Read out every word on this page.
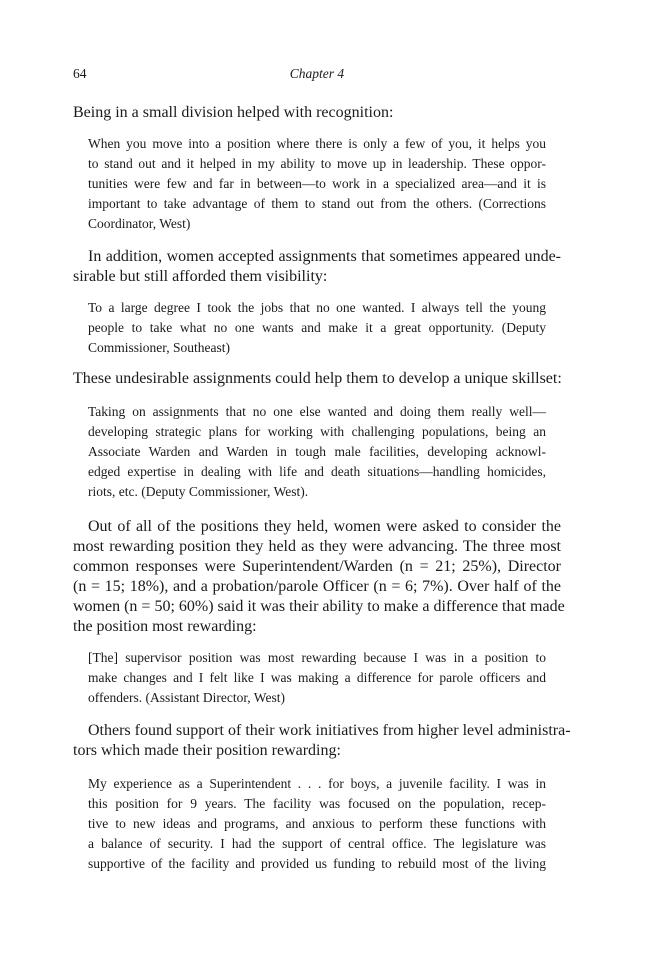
64	Chapter 4
Being in a small division helped with recognition:
When you move into a position where there is only a few of you, it helps you
to stand out and it helped in my ability to move up in leadership. These oppor-
tunities were few and far in between—to work in a specialized area—and it is
important to take advantage of them to stand out from the others. (Corrections
Coordinator, West)
In addition, women accepted assignments that sometimes appeared unde-
sirable but still afforded them visibility:
To a large degree I took the jobs that no one wanted. I always tell the young
people to take what no one wants and make it a great opportunity. (Deputy
Commissioner, Southeast)
These undesirable assignments could help them to develop a unique skillset:
Taking on assignments that no one else wanted and doing them really well—
developing strategic plans for working with challenging populations, being an
Associate Warden and Warden in tough male facilities, developing acknowl-
edged expertise in dealing with life and death situations—handling homicides,
riots, etc. (Deputy Commissioner, West).
Out of all of the positions they held, women were asked to consider the
most rewarding position they held as they were advancing. The three most
common responses were Superintendent/Warden (n = 21; 25%), Director
(n = 15; 18%), and a probation/parole Officer (n = 6; 7%). Over half of the
women (n = 50; 60%) said it was their ability to make a difference that made
the position most rewarding:
[The] supervisor position was most rewarding because I was in a position to
make changes and I felt like I was making a difference for parole officers and
offenders. (Assistant Director, West)
Others found support of their work initiatives from higher level administra-
tors which made their position rewarding:
My experience as a Superintendent . . . for boys, a juvenile facility. I was in
this position for 9 years. The facility was focused on the population, recep-
tive to new ideas and programs, and anxious to perform these functions with
a balance of security. I had the support of central office. The legislature was
supportive of the facility and provided us funding to rebuild most of the living
